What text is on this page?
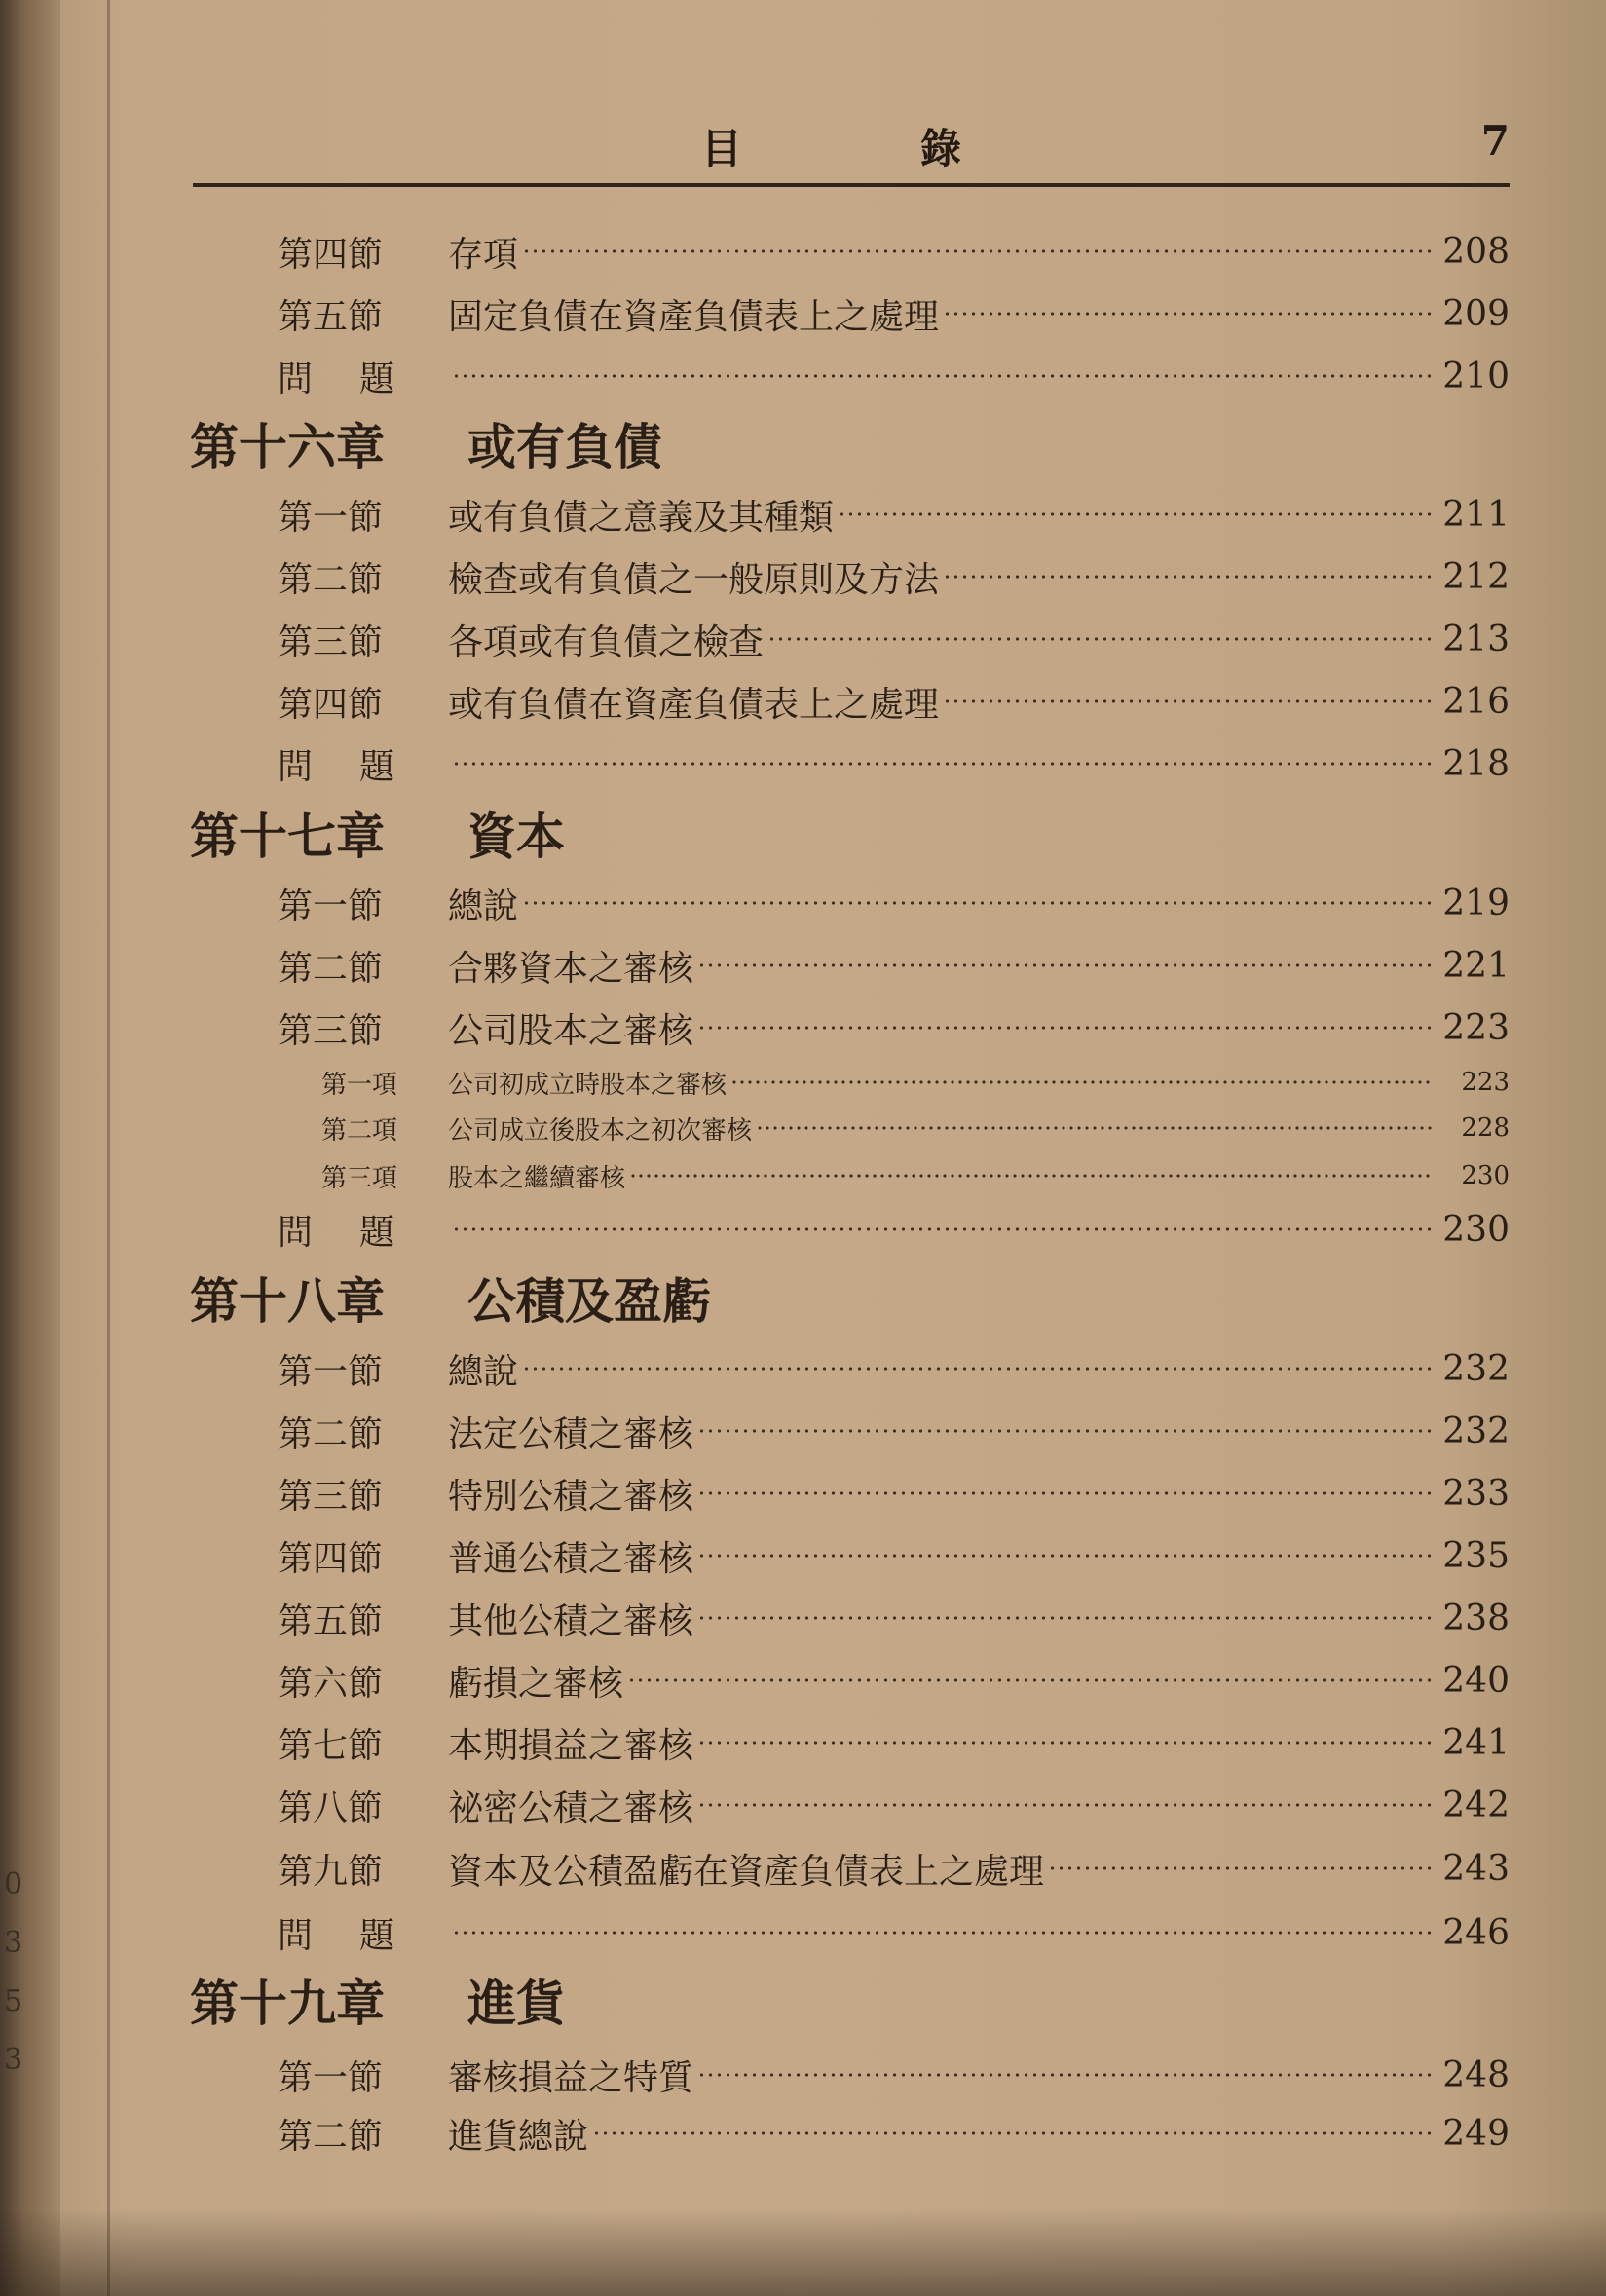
目	錄	7
第四節	存項	208
第五節	固定負債在資產負債表上之處理	209
問題	210
第十六章	或有負債
第一節	或有負債之意義及其種類	211
第二節	檢查或有負債之一般原則及方法	212
第三節	各項或有負債之檢查	213
第四節	或有負債在資產負債表上之處理	216
問題	218
第十七章	資本
第一節	總說	219
第二節	合夥資本之審核	221
第三節	公司股本之審核	223
第一項	公司初成立時股本之審核	223
第二項	公司成立後股本之初次審核	228
第三項	股本之繼續審核	230
問題	230
第十八章	公積及盈虧
第一節	總說	232
第二節	法定公積之審核	232
第三節	特別公積之審核	233
第四節	普通公積之審核	235
第五節	其他公積之審核	238
第六節	虧損之審核	240
第七節	本期損益之審核	241
第八節	祕密公積之審核	242
第九節	資本及公積盈虧在資產負債表上之處理	243
問題	246
第十九章	進貨
第一節	審核損益之特質	248
第二節	進貨總說	249
0
3
5
3
